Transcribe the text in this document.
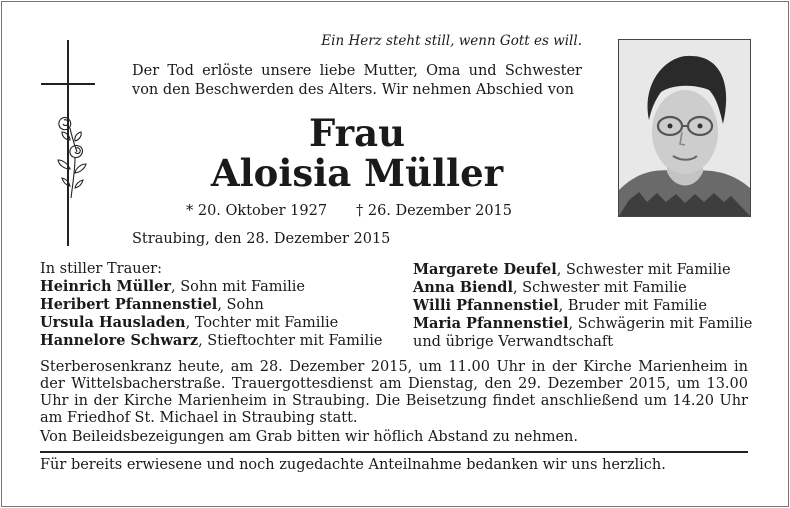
Ein Herz steht still, wenn Gott es will.
Der Tod erlöste unsere liebe Mutter, Oma und Schwester
von den Beschwerden des Alters. Wir nehmen Abschied von
Frau
Aloisia Müller
* 20. Oktober 1927 † 26. Dezember 2015
Straubing, den 28. Dezember 2015
In stiller Trauer:
Heinrich Müller, Sohn mit Familie
Heribert Pfannenstiel, Sohn
Ursula Hausladen, Tochter mit Familie
Hannelore Schwarz, Stieftochter mit Familie
Margarete Deufel, Schwester mit Familie
Anna Biendl, Schwester mit Familie
Willi Pfannenstiel, Bruder mit Familie
Maria Pfannenstiel, Schwägerin mit Familie
und übrige Verwandtschaft
Sterberosenkranz heute, am 28. Dezember 2015, um 11.00 Uhr in der Kirche Marienheim in der Wittelsbacherstraße. Trauergottesdienst am Dienstag, den 29. Dezember 2015, um 13.00 Uhr in der Kirche Marienheim in Straubing. Die Beisetzung findet anschließend um 14.20 Uhr am Friedhof St. Michael in Straubing statt.
Von Beileidsbezeigungen am Grab bitten wir höflich Abstand zu nehmen.
Für bereits erwiesene und noch zugedachte Anteilnahme bedanken wir uns herzlich.
